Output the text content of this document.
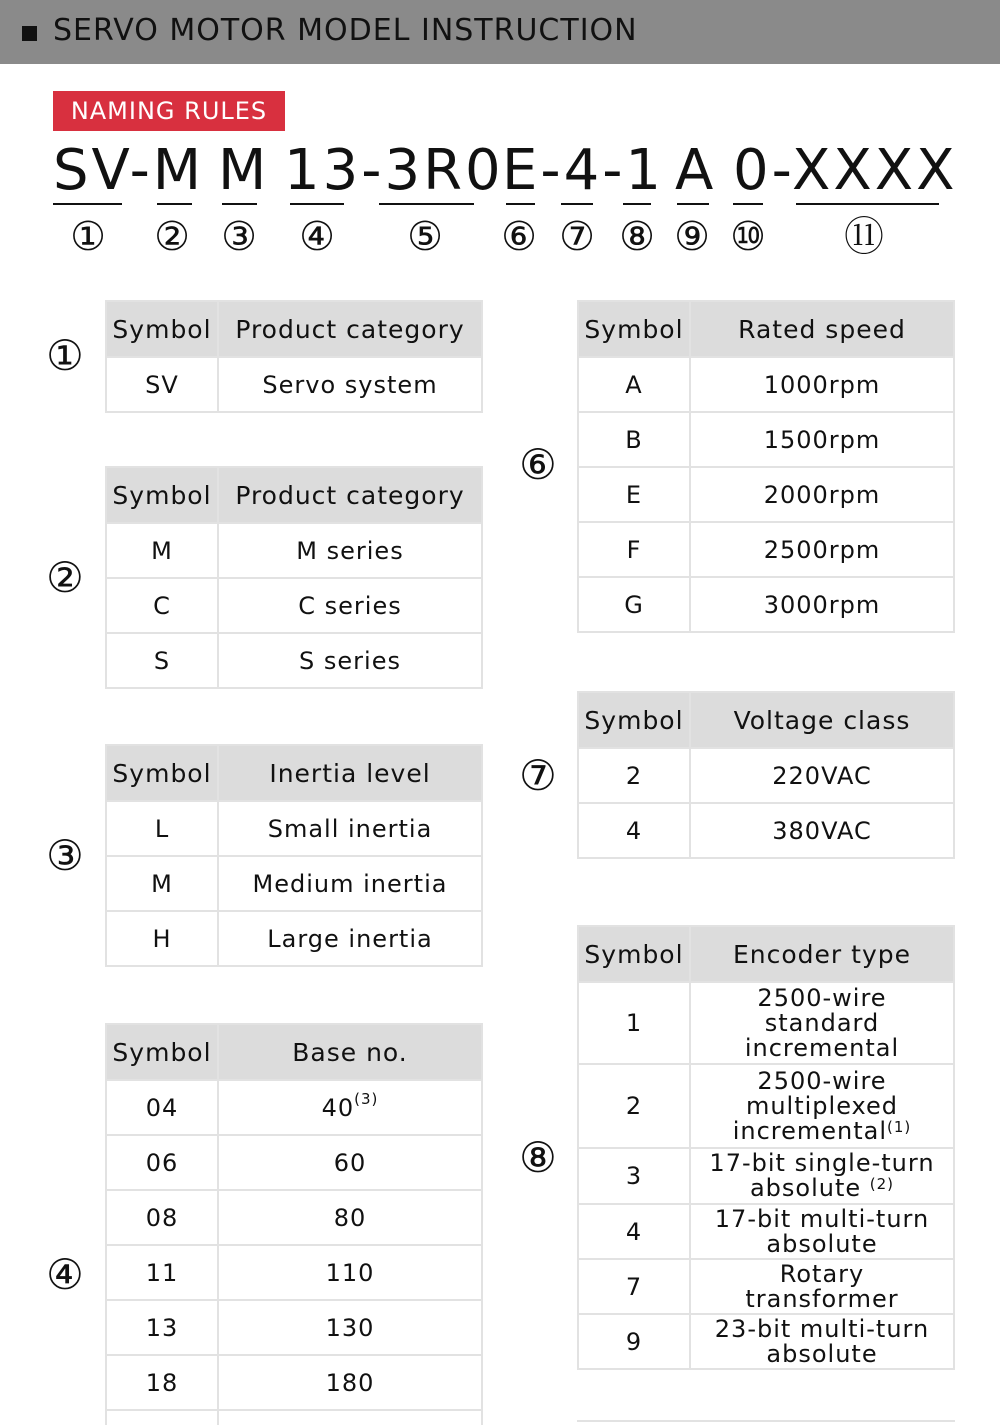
SERVO MOTOR MODEL INSTRUCTION
NAMING RULES
SV-M M 13-3R0
E-4-1 A 0-XXXX
① ② ③ ④ ⑤ ⑥ ⑦ ⑧ ⑨ ⑩ ⑪
①
②
③
④
⑥
⑦
⑧
Symbol	Product category
SV	Servo system
Symbol	Product category
M	M series
C	C series
S	S series
Symbol	Inertia level
L	Small inertia
M	Medium inertia
H	Large inertia
Symbol	Base no.
04	40$^{(3)}$
06	60
08	80
11	110
13	130
18	180

Symbol	Rated speed
A	1000rpm
B	1500rpm
E	2000rpm
F	2500rpm
G	3000rpm
Symbol	Voltage class
2	220VAC
4	380VAC
Symbol	Encoder type
1	2500-wire
standard
incremental

2	2500-wire
multiplexed
incremental$^{(1)}$

3	17-bit single-turn
absolute $^{(2)}$

4	17-bit multi-turn
absolute

7	Rotary
transformer

9	23-bit multi-turn
absolute
